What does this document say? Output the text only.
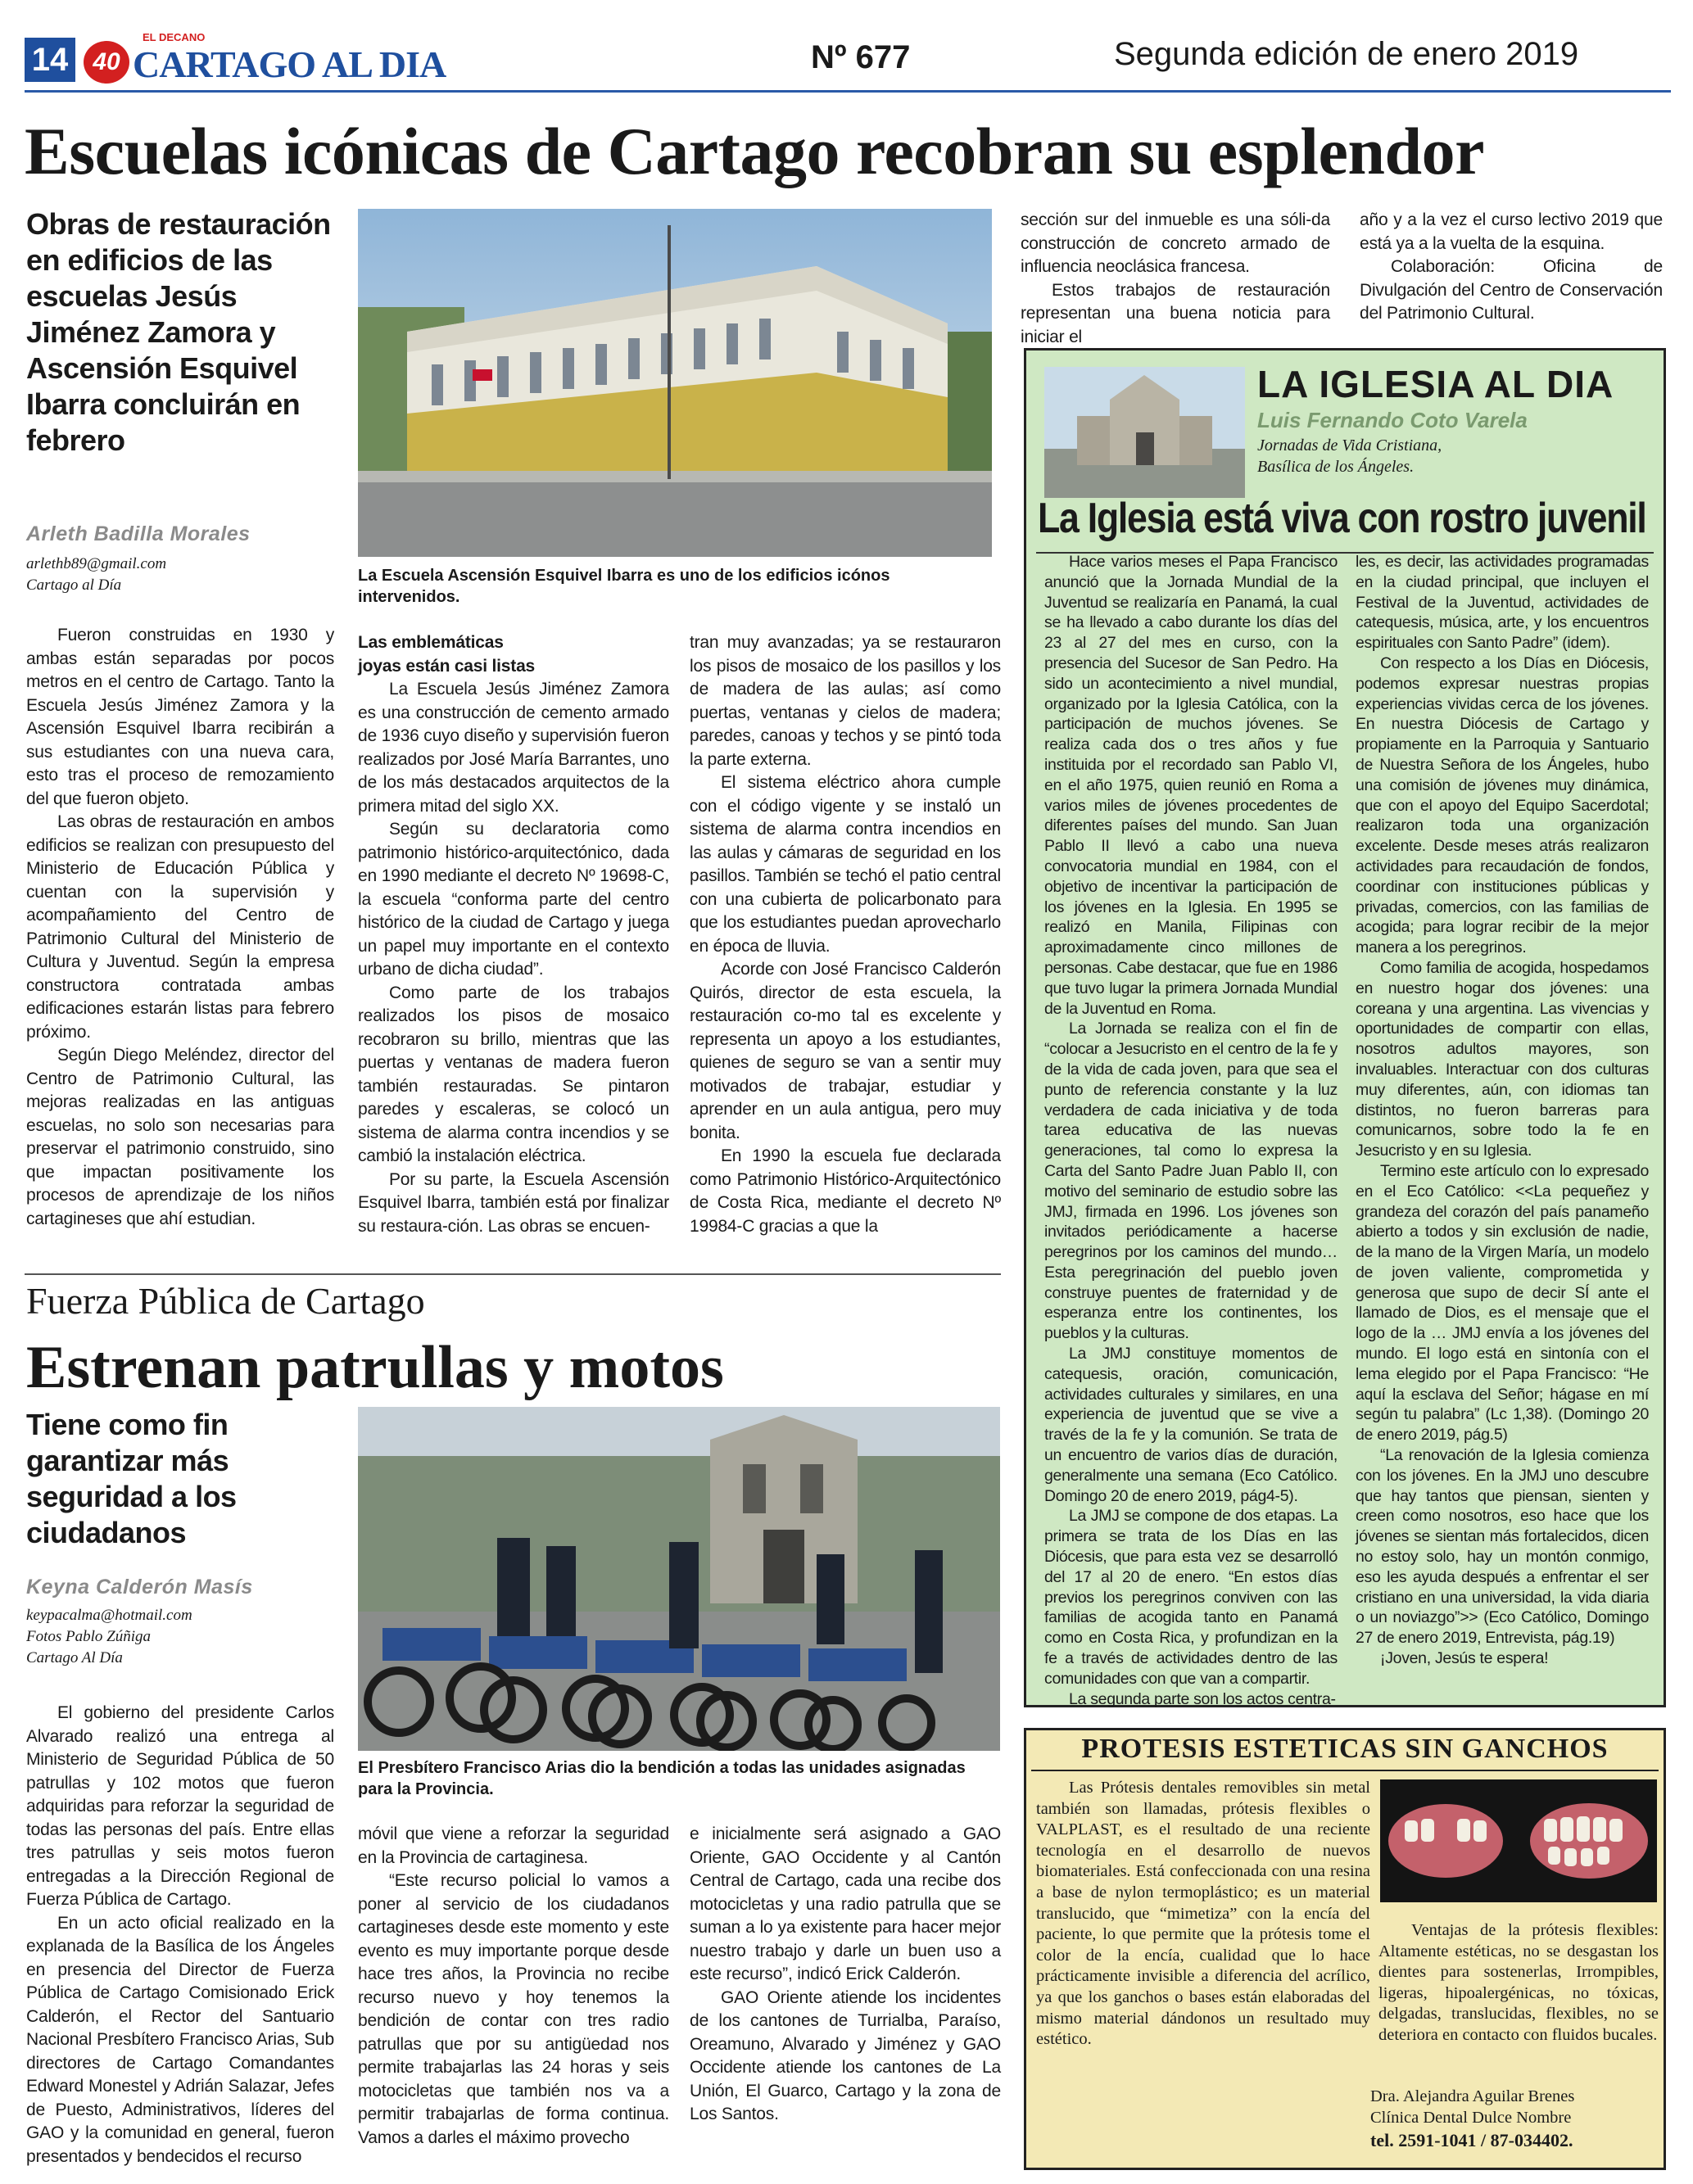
14	40
EL DECANO
CARTAGO AL DIA	Nº 677	Segunda edición de enero 2019
Escuelas icónicas de Cartago recobran su esplendor
Obras de restauración en edificios de las escuelas Jesús Jiménez Zamora y Ascensión Esquivel Ibarra concluirán en febrero
Arleth Badilla Morales
arlethb89@gmail.com
Cartago al Día

Fueron construidas en 1930 y ambas están separadas por pocos metros en el centro de Cartago. Tanto la Escuela Jesús Jiménez Zamora y la Ascensión Esquivel Ibarra recibirán a sus estudiantes con una nueva cara, esto tras el proceso de remozamiento del que fueron objeto.

Las obras de restauración en ambos edificios se realizan con presupuesto del Ministerio de Educación Pública y cuentan con la supervisión y acompañamiento del Centro de Patrimonio Cultural del Ministerio de Cultura y Juventud. Según la empresa constructora contratada ambas edificaciones estarán listas para febrero próximo.

Según Diego Meléndez, director del Centro de Patrimonio Cultural, las mejoras realizadas en las antiguas escuelas, no solo son necesarias para preservar el patrimonio construido, sino que impactan positivamente los procesos de aprendizaje de los niños cartagineses que ahí estudian.

La Escuela Ascensión Esquivel Ibarra es uno de los edificios icónos intervenidos.

Las emblemáticas

joyas están casi listas

La Escuela Jesús Jiménez Zamora es una construcción de cemento armado de 1936 cuyo diseño y supervisión fueron realizados por José María Barrantes, uno de los más destacados arquitectos de la primera mitad del siglo XX.

Según su declaratoria como patrimonio histórico-arquitectónico, dada en 1990 mediante el decreto Nº 19698-C, la escuela “conforma parte del centro histórico de la ciudad de Cartago y juega un papel muy importante en el contexto urbano de dicha ciudad”.

Como parte de los trabajos realizados los pisos de mosaico recobraron su brillo, mientras que las puertas y ventanas de madera fueron también restauradas. Se pintaron paredes y escaleras, se colocó un sistema de alarma contra incendios y se cambió la instalación eléctrica.

Por su parte, la Escuela Ascensión Esquivel Ibarra, también está por finalizar su restaura-ción. Las obras se encuen-

tran muy avanzadas; ya se restauraron los pisos de mosaico de los pasillos y los de madera de las aulas; así como puertas, ventanas y cielos de madera; paredes, canoas y techos y se pintó toda la parte externa.

El sistema eléctrico ahora cumple con el código vigente y se instaló un sistema de alarma contra incendios en las aulas y cámaras de seguridad en los pasillos. También se techó el patio central con una cubierta de policarbonato para que los estudiantes puedan aprovecharlo en época de lluvia.

Acorde con José Francisco Calderón Quirós, director de esta escuela, la restauración co-mo tal es excelente y representa un apoyo a los estudiantes, quienes de seguro se van a sentir muy motivados de trabajar, estudiar y aprender en un aula antigua, pero muy bonita.

En 1990 la escuela fue declarada como Patrimonio Histórico-Arquitectónico de Costa Rica, mediante el decreto Nº 19984-C gracias a que la

sección sur del inmueble es una sóli-da construcción de concreto armado de influencia neoclásica francesa.

Estos trabajos de restauración representan una buena noticia para iniciar el

año y a la vez el curso lectivo 2019 que está ya a la vuelta de la esquina.

Colaboración: Oficina de Divulgación del Centro de Conservación del Patrimonio Cultural.

Fuerza Pública de Cartago
Estrenan patrullas y motos
Tiene como fin garantizar más seguridad a los ciudadanos
Keyna Calderón Masís
keypacalma@hotmail.com
Fotos Pablo Zúñiga
Cartago Al Día

El gobierno del presidente Carlos Alvarado realizó una entrega al Ministerio de Seguridad Pública de 50 patrullas y 102 motos que fueron adquiridas para reforzar la seguridad de todas las personas del país. Entre ellas tres patrullas y seis motos fueron entregadas a la Dirección Regional de Fuerza Pública de Cartago.

En un acto oficial realizado en la explanada de la Basílica de los Ángeles en presencia del Director de Fuerza Pública de Cartago Comisionado Erick Calderón, el Rector del Santuario Nacional Presbítero Francisco Arias, Sub directores de Cartago Comandantes Edward Monestel y Adrián Salazar, Jefes de Puesto, Administrativos, líderes del GAO y la comunidad en general, fueron presentados y bendecidos el recurso

El Presbítero Francisco Arias dio la bendición a todas las unidades asignadas para la Provincia.

móvil que viene a reforzar la seguridad en la Provincia de cartaginesa.

“Este recurso policial lo vamos a poner al servicio de los ciudadanos cartagineses desde este momento y este evento es muy importante porque desde hace tres años, la Provincia no recibe recurso nuevo y hoy tenemos la bendición de contar con tres radio patrullas que por su antigüedad nos permite trabajarlas las 24 horas y seis motocicletas que también nos va a permitir trabajarlas de forma continua. Vamos a darles el máximo provecho

e inicialmente será asignado a GAO Oriente, GAO Occidente y al Cantón Central de Cartago, cada una recibe dos motocicletas y una radio patrulla que se suman a lo ya existente para hacer mejor nuestro trabajo y darle un buen uso a este recurso”, indicó Erick Calderón.

GAO Oriente atiende los incidentes de los cantones de Turrialba, Paraíso, Oreamuno, Alvarado y Jiménez y GAO Occidente atiende los cantones de La Unión, El Guarco, Cartago y la zona de Los Santos.

LA IGLESIA AL DIA
Luis Fernando Coto Varela
Jornadas de Vida Cristiana,
Basílica de los Ángeles.
La Iglesia está viva con rostro juvenil

Hace varios meses el Papa Francisco anunció que la Jornada Mundial de la Juventud se realizaría en Panamá, la cual se ha llevado a cabo durante los días del 23 al 27 del mes en curso, con la presencia del Sucesor de San Pedro. Ha sido un acontecimiento a nivel mundial, organizado por la Iglesia Católica, con la participación de muchos jóvenes. Se realiza cada dos o tres años y fue instituida por el recordado san Pablo VI, en el año 1975, quien reunió en Roma a varios miles de jóvenes procedentes de diferentes países del mundo. San Juan Pablo II llevó a cabo una nueva convocatoria mundial en 1984, con el objetivo de incentivar la participación de los jóvenes en la Iglesia. En 1995 se realizó en Manila, Filipinas con aproximadamente cinco millones de personas. Cabe destacar, que fue en 1986 que tuvo lugar la primera Jornada Mundial de la Juventud en Roma.

La Jornada se realiza con el fin de “colocar a Jesucristo en el centro de la fe y de la vida de cada joven, para que sea el punto de referencia constante y la luz verdadera de cada iniciativa y de toda tarea educativa de las nuevas generaciones, tal como lo expresa la Carta del Santo Padre Juan Pablo II, con motivo del seminario de estudio sobre las JMJ, firmada en 1996. Los jóvenes son invitados periódicamente a hacerse peregrinos por los caminos del mundo…Esta peregrinación del pueblo joven construye puentes de fraternidad y de esperanza entre los continentes, los pueblos y la culturas.

La JMJ constituye momentos de catequesis, oración, comunicación, actividades culturales y similares, en una experiencia de juventud que se vive a través de la fe y la comunión. Se trata de un encuentro de varios días de duración, generalmente una semana (Eco Católico. Domingo 20 de enero 2019, pág4-5).

La JMJ se compone de dos etapas. La primera se trata de los Días en las Diócesis, que para esta vez se desarrolló del 17 al 20 de enero. “En estos días previos los peregrinos conviven con las familias de acogida tanto en Panamá como en Costa Rica, y profundizan en la fe a través de actividades dentro de las comunidades con que van a compartir.

La segunda parte son los actos centra-

les, es decir, las actividades programadas en la ciudad principal, que incluyen el Festival de la Juventud, actividades de catequesis, música, arte, y los encuentros espirituales con Santo Padre” (idem).

Con respecto a los Días en Diócesis, podemos expresar nuestras propias experiencias vividas cerca de los jóvenes. En nuestra Diócesis de Cartago y propiamente en la Parroquia y Santuario de Nuestra Señora de los Ángeles, hubo una comisión de jóvenes muy dinámica, que con el apoyo del Equipo Sacerdotal; realizaron toda una organización excelente. Desde meses atrás realizaron actividades para recaudación de fondos, coordinar con instituciones públicas y privadas, comercios, con las familias de acogida; para lograr recibir de la mejor manera a los peregrinos.

Como familia de acogida, hospedamos en nuestro hogar dos jóvenes: una coreana y una argentina. Las vivencias y oportunidades de compartir con ellas, nosotros adultos mayores, son invaluables. Interactuar con dos culturas muy diferentes, aún, con idiomas tan distintos, no fueron barreras para comunicarnos, sobre todo la fe en Jesucristo y en su Iglesia.

Termino este artículo con lo expresado en el Eco Católico: <<La pequeñez y grandeza del corazón del país panameño abierto a todos y sin exclusión de nadie, de la mano de la Virgen María, un modelo de joven valiente, comprometida y generosa que supo de decir SÍ ante el llamado de Dios, es el mensaje que el logo de la … JMJ envía a los jóvenes del mundo. El logo está en sintonía con el lema elegido por el Papa Francisco: “He aquí la esclava del Señor; hágase en mí según tu palabra” (Lc 1,38). (Domingo 20 de enero 2019, pág.5)

“La renovación de la Iglesia comienza con los jóvenes. En la JMJ uno descubre que hay tantos que piensan, sienten y creen como nosotros, eso hace que los jóvenes se sientan más fortalecidos, dicen no estoy solo, hay un montón conmigo, eso les ayuda después a enfrentar el ser cristiano en una universidad, la vida diaria o un noviazgo”>> (Eco Católico, Domingo 27 de enero 2019, Entrevista, pág.19)

¡Joven, Jesús te espera!

PROTESIS ESTETICAS SIN GANCHOS

Las Prótesis dentales removibles sin metal también son llamadas, prótesis flexibles o VALPLAST, es el resultado de una reciente tecnología en el desarrollo de nuevos biomateriales. Está confeccionada con una resina a base de nylon termoplástico; es un material translucido, que “mimetiza” con la encía del paciente, lo que permite que la prótesis tome el color de la encía, cualidad que lo hace prácticamente invisible a diferencia del acrílico, ya que los ganchos o bases están elaboradas del mismo material dándonos un resultado muy estético.

Ventajas de la prótesis flexibles: Altamente estéticas, no se desgastan los dientes para sostenerlas, Irrompibles, ligeras, hipoalergénicas, no tóxicas, delgadas, translucidas, flexibles, no se deteriora en contacto con fluidos bucales.

Dra. Alejandra Aguilar Brenes
Clínica Dental Dulce Nombre
tel. 2591-1041 / 87-034402.
